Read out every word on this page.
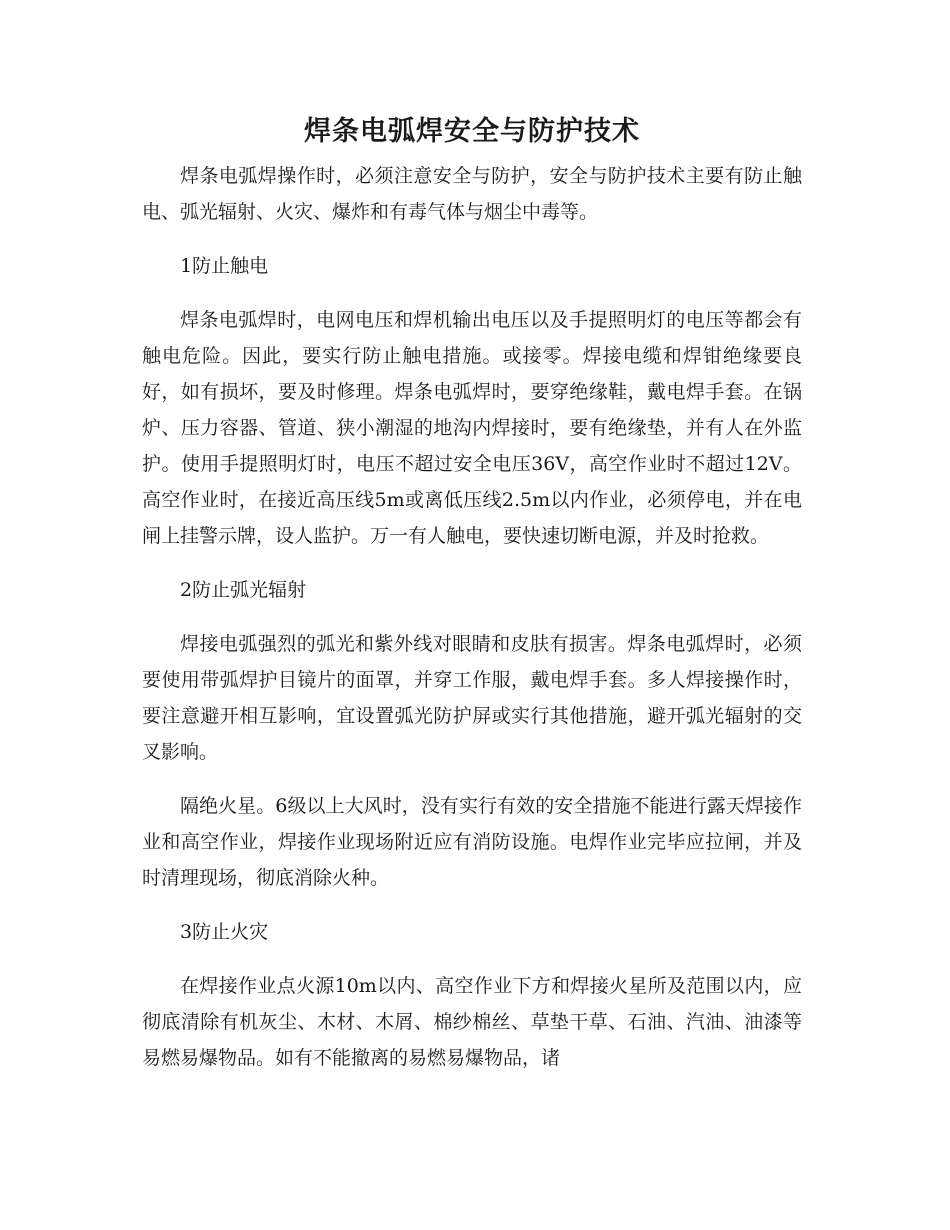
焊条电弧焊安全与防护技术

焊条电弧焊操作时，必须注意安全与防护，安全与防护技术主要有防止触电、弧光辐射、火灾、爆炸和有毒气体与烟尘中毒等。

1防止触电

焊条电弧焊时，电网电压和焊机输出电压以及手提照明灯的电压等都会有触电危险。因此，要实行防止触电措施。或接零。焊接电缆和焊钳绝缘要良好，如有损坏，要及时修理。焊条电弧焊时，要穿绝缘鞋，戴电焊手套。在锅炉、压力容器、管道、狭小潮湿的地沟内焊接时，要有绝缘垫，并有人在外监护。使用手提照明灯时，电压不超过安全电压36V，高空作业时不超过12V。高空作业时，在接近高压线5m或离低压线2.5m以内作业，必须停电，并在电闸上挂警示牌，设人监护。万一有人触电，要快速切断电源，并及时抢救。

2防止弧光辐射

焊接电弧强烈的弧光和紫外线对眼睛和皮肤有损害。焊条电弧焊时，必须要使用带弧焊护目镜片的面罩，并穿工作服，戴电焊手套。多人焊接操作时，要注意避开相互影响，宜设置弧光防护屏或实行其他措施，避开弧光辐射的交叉影响。

隔绝火星。6级以上大风时，没有实行有效的安全措施不能进行露天焊接作业和高空作业，焊接作业现场附近应有消防设施。电焊作业完毕应拉闸，并及时清理现场，彻底消除火种。

3防止火灾

在焊接作业点火源10m以内、高空作业下方和焊接火星所及范围以内，应彻底清除有机灰尘、木材、木屑、棉纱棉丝、草垫干草、石油、汽油、油漆等易燃易爆物品。如有不能撤离的易燃易爆物品，诸
